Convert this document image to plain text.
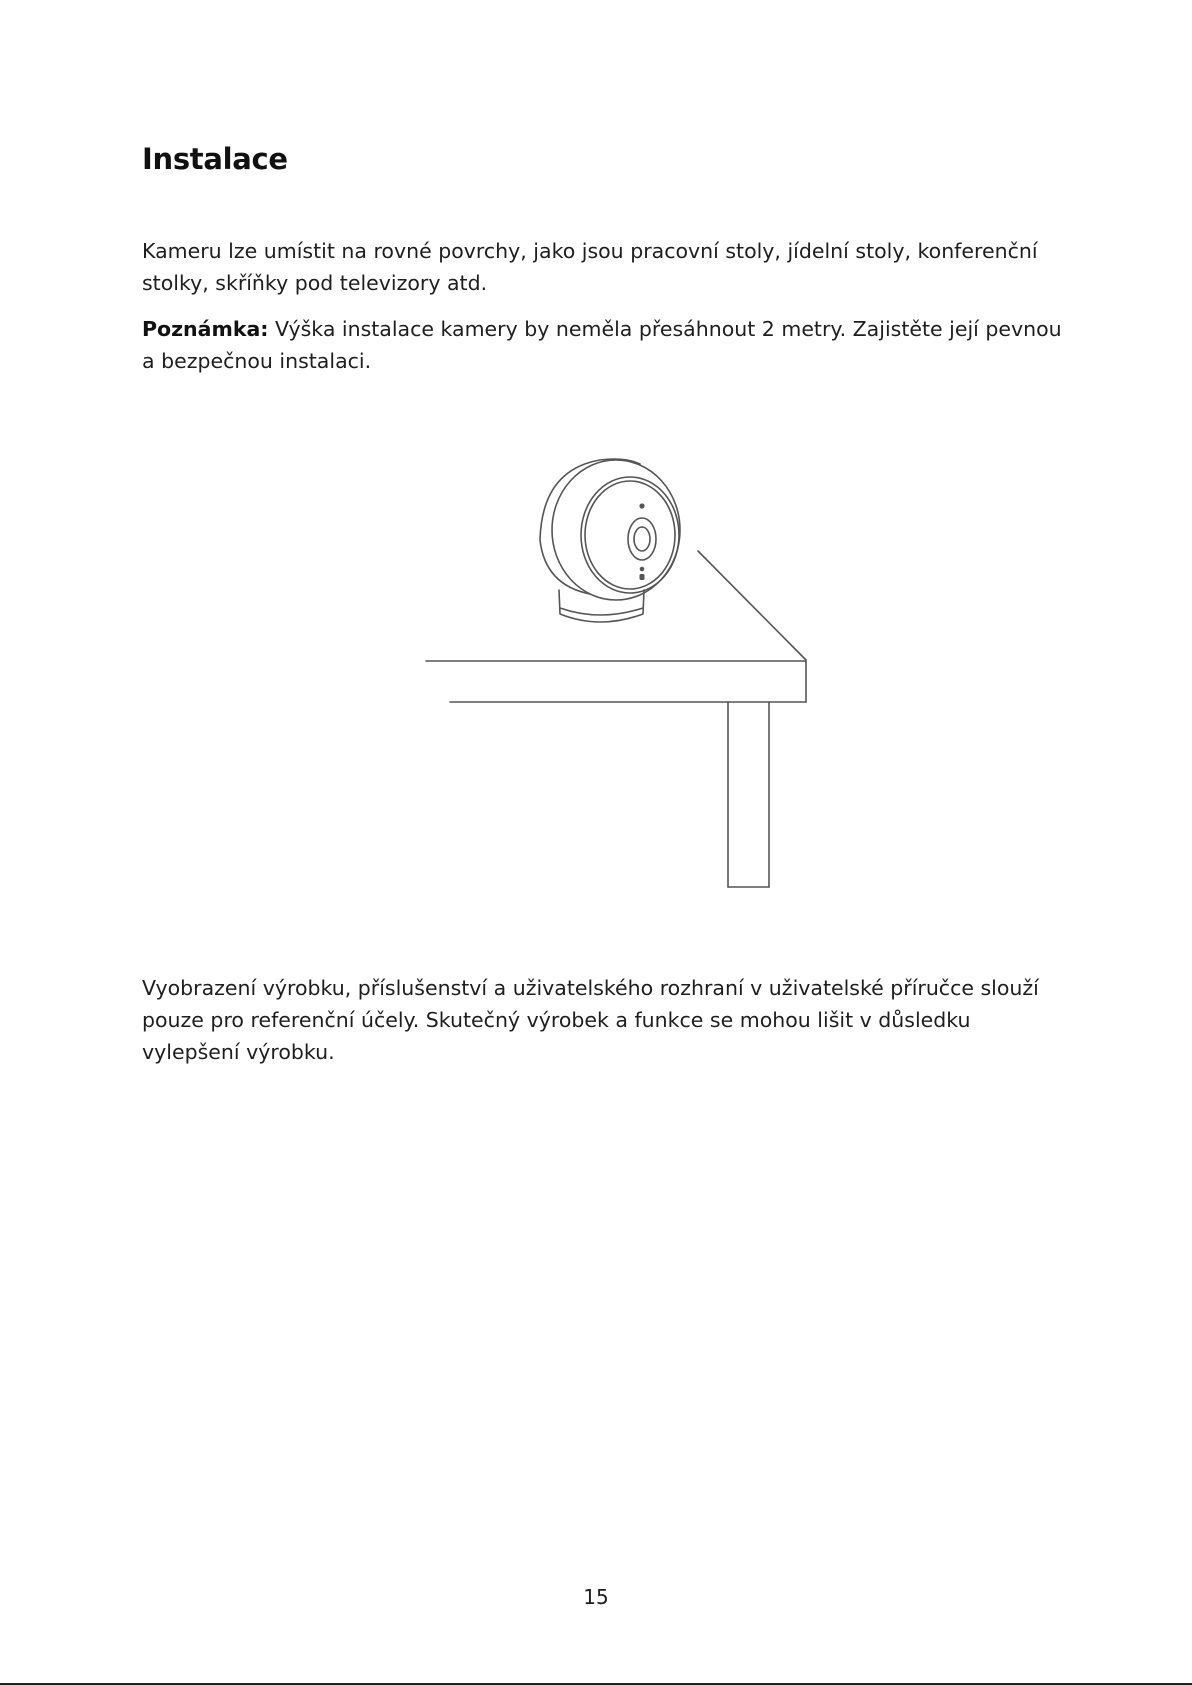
Instalace

Kameru lze umístit na rovné povrchy, jako jsou pracovní stoly, jídelní stoly, konferenční stolky, skříňky pod televizory atd.

Poznámka: Výška instalace kamery by neměla přesáhnout 2 metry. Zajistěte její pevnou a bezpečnou instalaci.

Vyobrazení výrobku, příslušenství a uživatelského rozhraní v uživatelské příručce slouží pouze pro referenční účely. Skutečný výrobek a funkce se mohou lišit v důsledku vylepšení výrobku.

15
